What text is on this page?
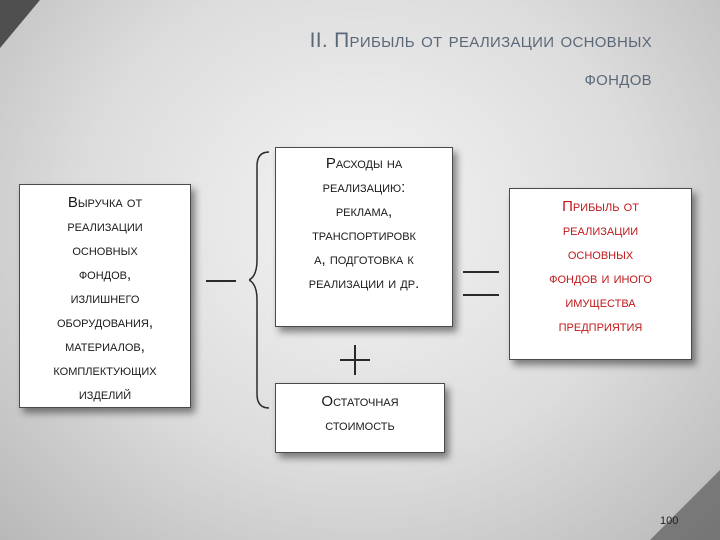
II. Прибыль от реализации основных
фондов
Выручка от
реализации
основных
фондов,
излишнего
оборудования,
материалов,
комплектующих
изделий
Расходы на
реализацию:
реклама,
транспортировк
а, подготовка к
реализации и др.
Остаточная
стоимость
Прибыль от
реализации
основных
фондов и иного
имущества
предприятия
100
